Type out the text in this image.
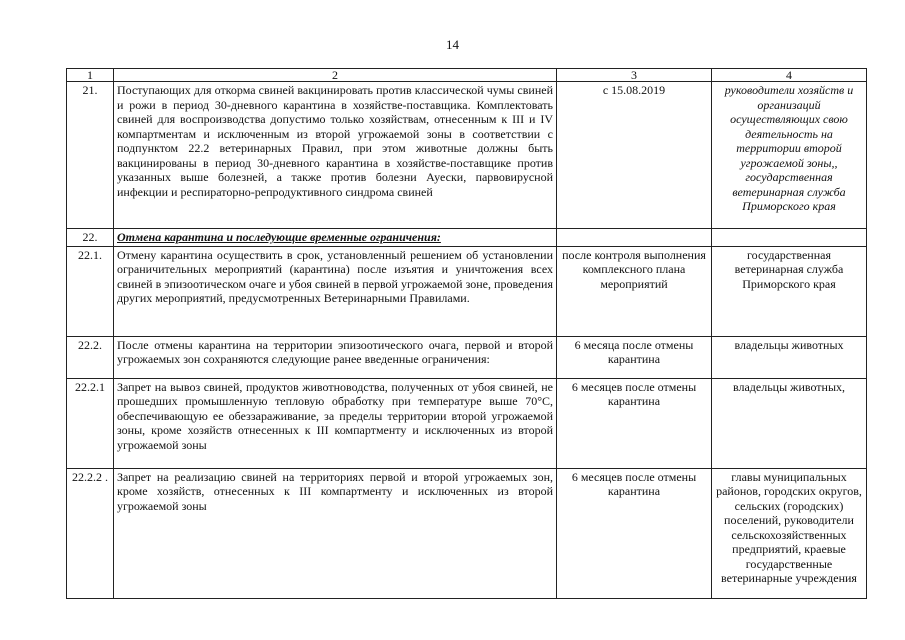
14
1	2	3	4
21.	Поступающих для откорма свиней вакцинировать против классической чумы свиней и рожи в период 30-дневного карантина в хозяйстве-поставщика. Комплектовать свиней для воспроизводства допустимо только хозяйствам, отнесенным к III и IV компартментам и исключенным из второй угрожаемой зоны в соответствии с подпунктом 22.2 ветеринарных Правил, при этом животные должны быть вакцинированы в период 30-дневного карантина в хозяйстве-поставщике против указанных выше болезней, а также против болезни Ауески, парвовирусной инфекции и респираторно-репродуктивного синдрома свиней	с 15.08.2019	руководители хозяйств и организаций осуществляющих свою деятельность на территории второй угрожаемой зоны,, государственная ветеринарная служба Приморского края
22.	Отмена карантина и последующие временные ограничения:		
22.1.	Отмену карантина осуществить в срок, установленный решением об установлении ограничительных мероприятий (карантина) после изъятия и уничтожения всех свиней в эпизоотическом очаге и убоя свиней в первой угрожаемой зоне, проведения других мероприятий, предусмотренных Ветеринарными Правилами.	после контроля выполнения комплексного плана мероприятий	государственная ветеринарная служба Приморского края
22.2.	После отмены карантина на территории эпизоотического очага, первой и второй угрожаемых зон сохраняются следующие ранее введенные ограничения:	6 месяца после отмены карантина	владельцы животных
22.2.1	Запрет на вывоз свиней, продуктов животноводства, полученных от убоя свиней, не прошедших промышленную тепловую обработку при температуре выше 70°С, обеспечивающую ее обеззараживание, за пределы территории второй угрожаемой зоны, кроме хозяйств отнесенных к III компартменту и исключенных из второй угрожаемой зоны	6 месяцев после отмены карантина	владельцы животных,
22.2.2 .	Запрет на реализацию свиней на территориях первой и второй угрожаемых зон, кроме хозяйств, отнесенных к III компартменту и исключенных из второй угрожаемой зоны	6 месяцев после отмены карантина	главы муниципальных районов, городских округов, сельских (городских) поселений, руководители сельскохозяйственных предприятий, краевые государственные ветеринарные учреждения
